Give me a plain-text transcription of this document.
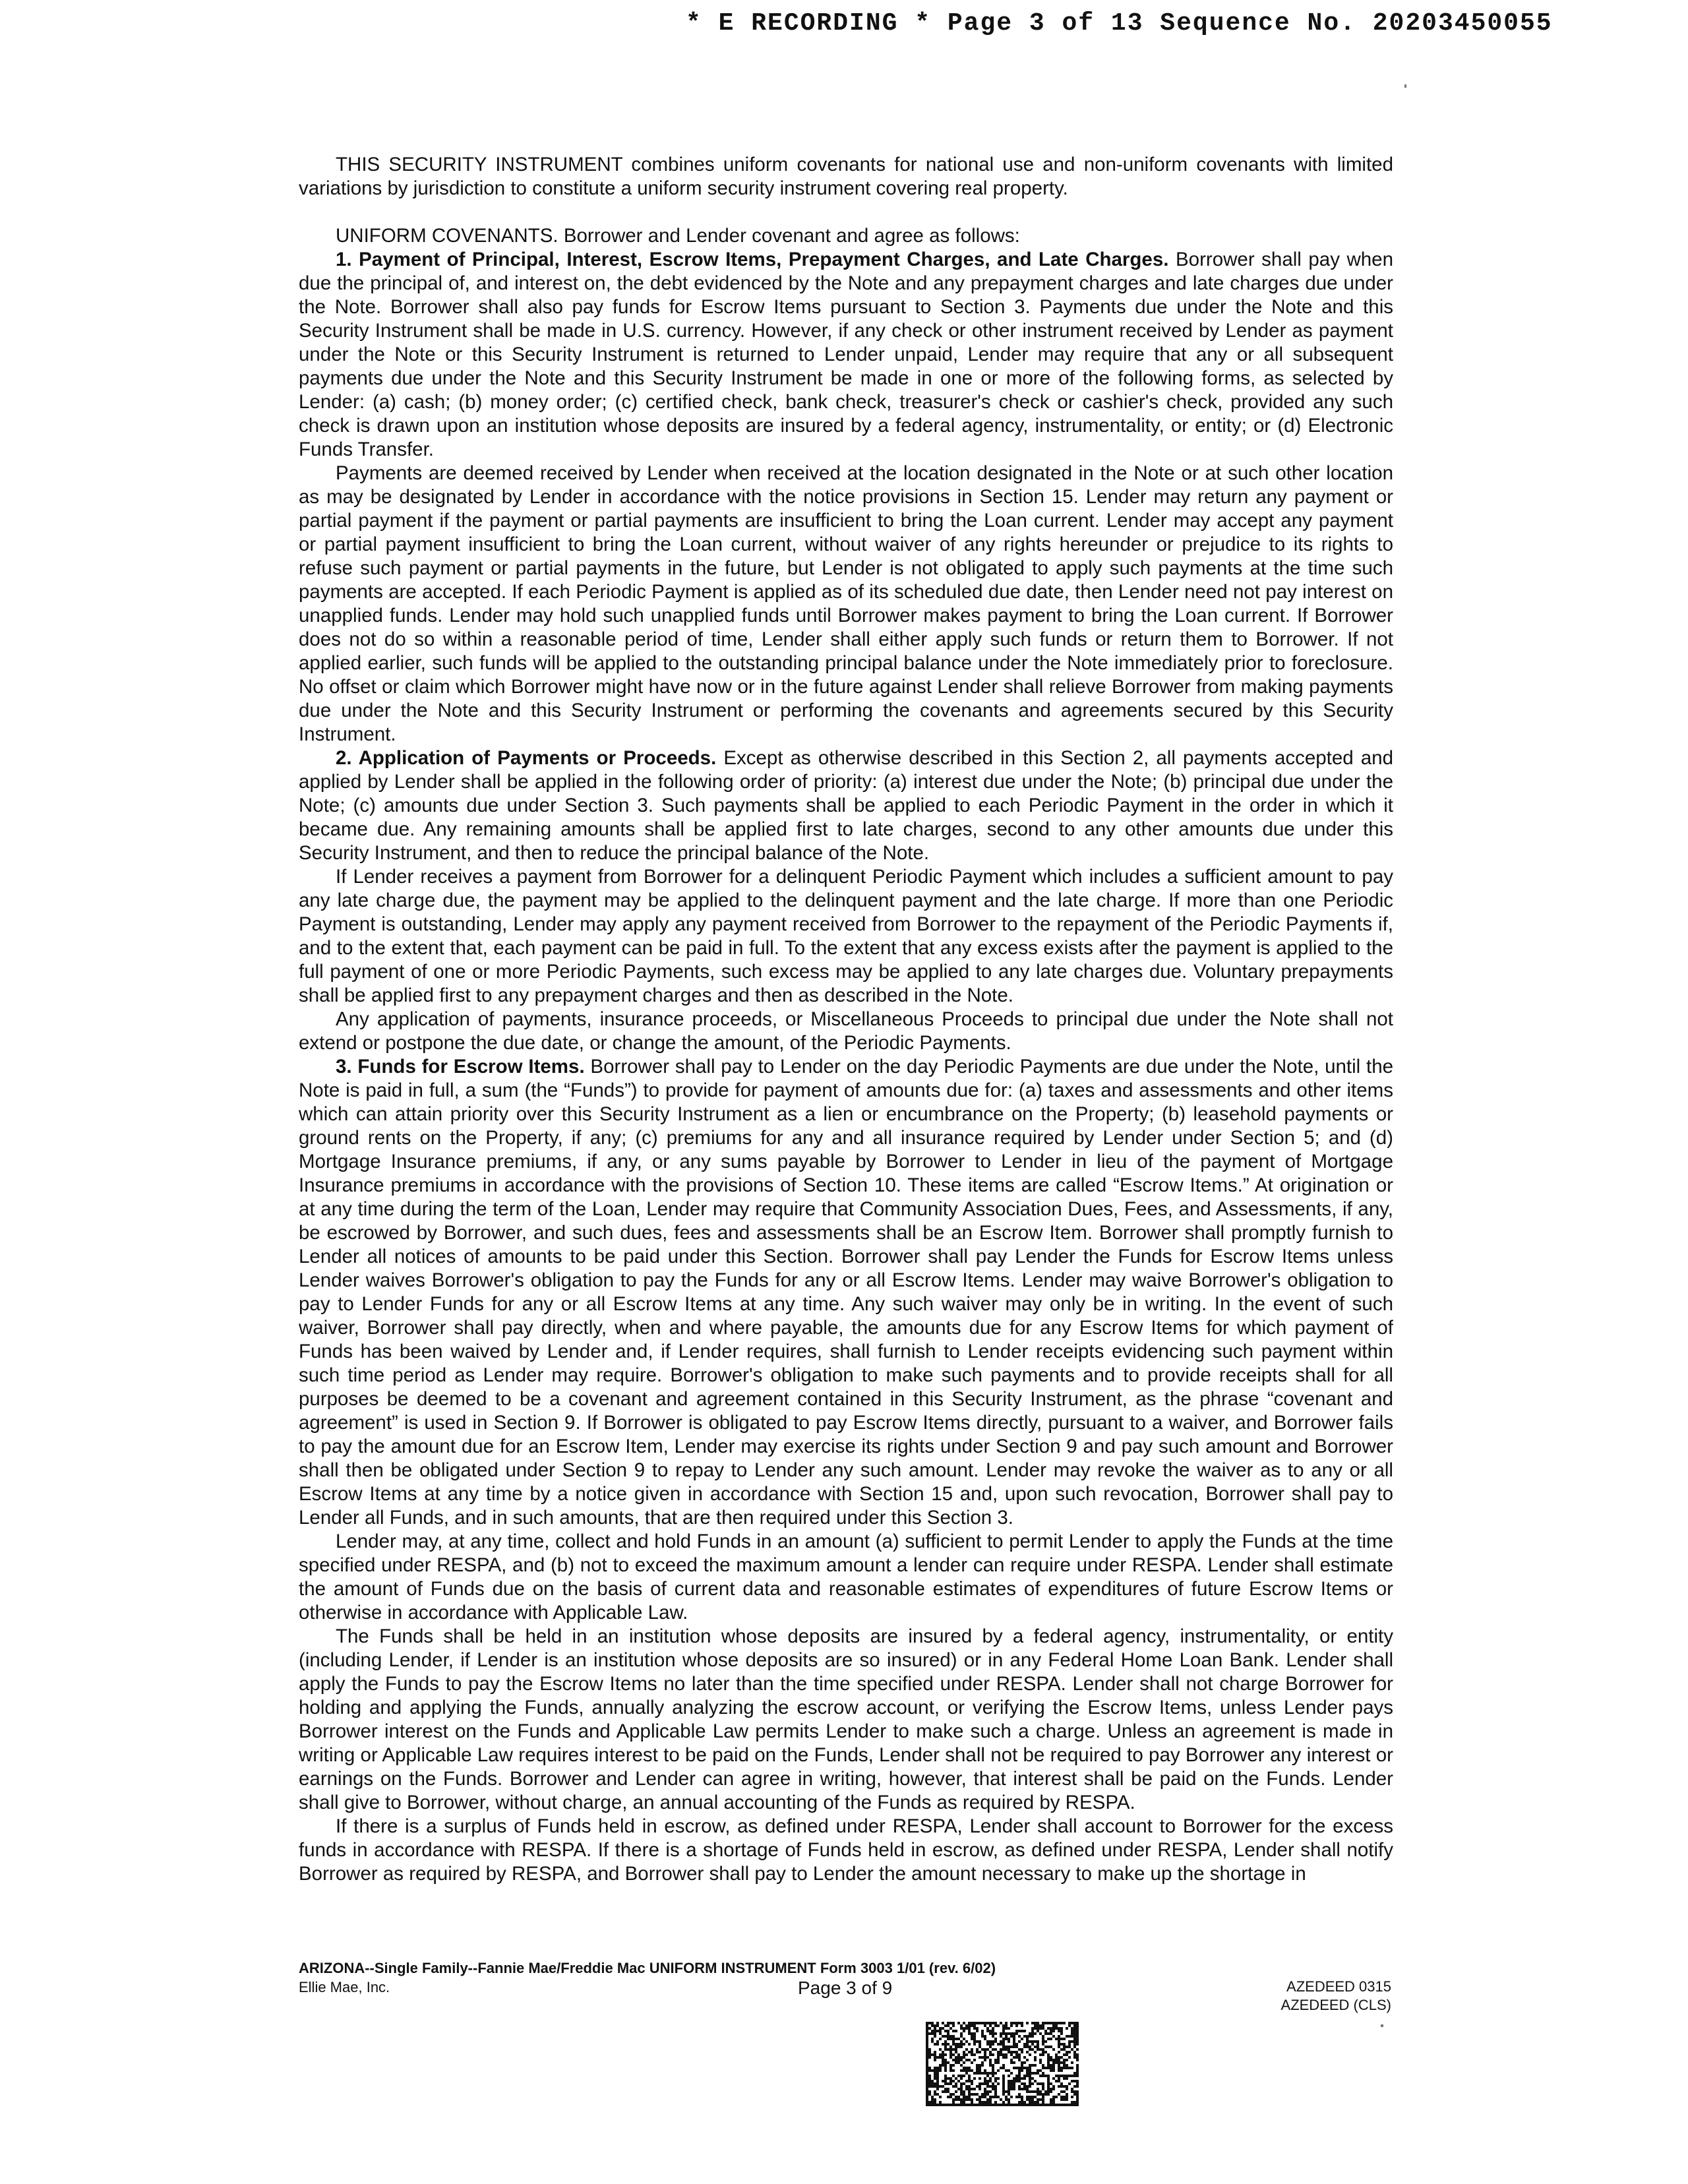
* E RECORDING * Page 3 of 13 Sequence No. 20203450055

THIS SECURITY INSTRUMENT combines uniform covenants for national use and non-uniform covenants with limited variations by jurisdiction to constitute a uniform security instrument covering real property.

UNIFORM COVENANTS. Borrower and Lender covenant and agree as follows:

1. Payment of Principal, Interest, Escrow Items, Prepayment Charges, and Late Charges. Borrower shall pay when due the principal of, and interest on, the debt evidenced by the Note and any prepayment charges and late charges due under the Note. Borrower shall also pay funds for Escrow Items pursuant to Section 3. Payments due under the Note and this Security Instrument shall be made in U.S. currency. However, if any check or other instrument received by Lender as payment under the Note or this Security Instrument is returned to Lender unpaid, Lender may require that any or all subsequent payments due under the Note and this Security Instrument be made in one or more of the following forms, as selected by Lender: (a) cash; (b) money order; (c) certified check, bank check, treasurer's check or cashier's check, provided any such check is drawn upon an institution whose deposits are insured by a federal agency, instrumentality, or entity; or (d) Electronic Funds Transfer.

Payments are deemed received by Lender when received at the location designated in the Note or at such other location as may be designated by Lender in accordance with the notice provisions in Section 15. Lender may return any payment or partial payment if the payment or partial payments are insufficient to bring the Loan current. Lender may accept any payment or partial payment insufficient to bring the Loan current, without waiver of any rights hereunder or prejudice to its rights to refuse such payment or partial payments in the future, but Lender is not obligated to apply such payments at the time such payments are accepted. If each Periodic Payment is applied as of its scheduled due date, then Lender need not pay interest on unapplied funds. Lender may hold such unapplied funds until Borrower makes payment to bring the Loan current. If Borrower does not do so within a reasonable period of time, Lender shall either apply such funds or return them to Borrower. If not applied earlier, such funds will be applied to the outstanding principal balance under the Note immediately prior to foreclosure. No offset or claim which Borrower might have now or in the future against Lender shall relieve Borrower from making payments due under the Note and this Security Instrument or performing the covenants and agreements secured by this Security Instrument.

2. Application of Payments or Proceeds. Except as otherwise described in this Section 2, all payments accepted and applied by Lender shall be applied in the following order of priority: (a) interest due under the Note; (b) principal due under the Note; (c) amounts due under Section 3. Such payments shall be applied to each Periodic Payment in the order in which it became due. Any remaining amounts shall be applied first to late charges, second to any other amounts due under this Security Instrument, and then to reduce the principal balance of the Note.

If Lender receives a payment from Borrower for a delinquent Periodic Payment which includes a sufficient amount to pay any late charge due, the payment may be applied to the delinquent payment and the late charge. If more than one Periodic Payment is outstanding, Lender may apply any payment received from Borrower to the repayment of the Periodic Payments if, and to the extent that, each payment can be paid in full. To the extent that any excess exists after the payment is applied to the full payment of one or more Periodic Payments, such excess may be applied to any late charges due. Voluntary prepayments shall be applied first to any prepayment charges and then as described in the Note.

Any application of payments, insurance proceeds, or Miscellaneous Proceeds to principal due under the Note shall not extend or postpone the due date, or change the amount, of the Periodic Payments.

3. Funds for Escrow Items. Borrower shall pay to Lender on the day Periodic Payments are due under the Note, until the Note is paid in full, a sum (the “Funds”) to provide for payment of amounts due for: (a) taxes and assessments and other items which can attain priority over this Security Instrument as a lien or encumbrance on the Property; (b) leasehold payments or ground rents on the Property, if any; (c) premiums for any and all insurance required by Lender under Section 5; and (d) Mortgage Insurance premiums, if any, or any sums payable by Borrower to Lender in lieu of the payment of Mortgage Insurance premiums in accordance with the provisions of Section 10. These items are called “Escrow Items.” At origination or at any time during the term of the Loan, Lender may require that Community Association Dues, Fees, and Assessments, if any, be escrowed by Borrower, and such dues, fees and assessments shall be an Escrow Item. Borrower shall promptly furnish to Lender all notices of amounts to be paid under this Section. Borrower shall pay Lender the Funds for Escrow Items unless Lender waives Borrower's obligation to pay the Funds for any or all Escrow Items. Lender may waive Borrower's obligation to pay to Lender Funds for any or all Escrow Items at any time. Any such waiver may only be in writing. In the event of such waiver, Borrower shall pay directly, when and where payable, the amounts due for any Escrow Items for which payment of Funds has been waived by Lender and, if Lender requires, shall furnish to Lender receipts evidencing such payment within such time period as Lender may require. Borrower's obligation to make such payments and to provide receipts shall for all purposes be deemed to be a covenant and agreement contained in this Security Instrument, as the phrase “covenant and agreement” is used in Section 9. If Borrower is obligated to pay Escrow Items directly, pursuant to a waiver, and Borrower fails to pay the amount due for an Escrow Item, Lender may exercise its rights under Section 9 and pay such amount and Borrower shall then be obligated under Section 9 to repay to Lender any such amount. Lender may revoke the waiver as to any or all Escrow Items at any time by a notice given in accordance with Section 15 and, upon such revocation, Borrower shall pay to Lender all Funds, and in such amounts, that are then required under this Section 3.

Lender may, at any time, collect and hold Funds in an amount (a) sufficient to permit Lender to apply the Funds at the time specified under RESPA, and (b) not to exceed the maximum amount a lender can require under RESPA. Lender shall estimate the amount of Funds due on the basis of current data and reasonable estimates of expenditures of future Escrow Items or otherwise in accordance with Applicable Law.

The Funds shall be held in an institution whose deposits are insured by a federal agency, instrumentality, or entity (including Lender, if Lender is an institution whose deposits are so insured) or in any Federal Home Loan Bank. Lender shall apply the Funds to pay the Escrow Items no later than the time specified under RESPA. Lender shall not charge Borrower for holding and applying the Funds, annually analyzing the escrow account, or verifying the Escrow Items, unless Lender pays Borrower interest on the Funds and Applicable Law permits Lender to make such a charge. Unless an agreement is made in writing or Applicable Law requires interest to be paid on the Funds, Lender shall not be required to pay Borrower any interest or earnings on the Funds. Borrower and Lender can agree in writing, however, that interest shall be paid on the Funds. Lender shall give to Borrower, without charge, an annual accounting of the Funds as required by RESPA.

If there is a surplus of Funds held in escrow, as defined under RESPA, Lender shall account to Borrower for the excess funds in accordance with RESPA. If there is a shortage of Funds held in escrow, as defined under RESPA, Lender shall notify Borrower as required by RESPA, and Borrower shall pay to Lender the amount necessary to make up the shortage in

ARIZONA--Single Family--Fannie Mae/Freddie Mac UNIFORM INSTRUMENT Form 3003 1/01 (rev. 6/02)
Ellie Mae, Inc.	Page 3 of 9	AZEDEED 0315
AZEDEED (CLS)
